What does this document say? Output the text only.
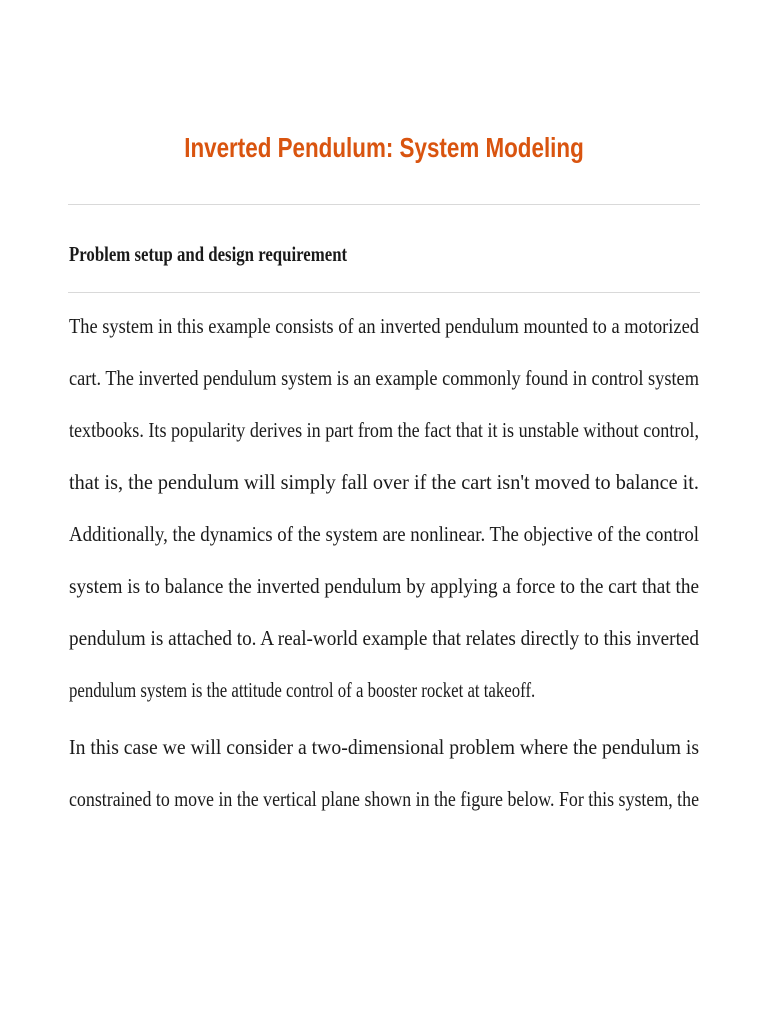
Inverted Pendulum: System Modeling
Problem setup and design requirement

The system in this example consists of an inverted pendulum mounted to a motorized
cart. The inverted pendulum system is an example commonly found in control system
textbooks. Its popularity derives in part from the fact that it is unstable without control,
that is, the pendulum will simply fall over if the cart isn't moved to balance it.
Additionally, the dynamics of the system are nonlinear. The objective of the control
system is to balance the inverted pendulum by applying a force to the cart that the
pendulum is attached to. A real-world example that relates directly to this inverted
pendulum system is the attitude control of a booster rocket at takeoff.

In this case we will consider a two-dimensional problem where the pendulum is
constrained to move in the vertical plane shown in the figure below. For this system, the
